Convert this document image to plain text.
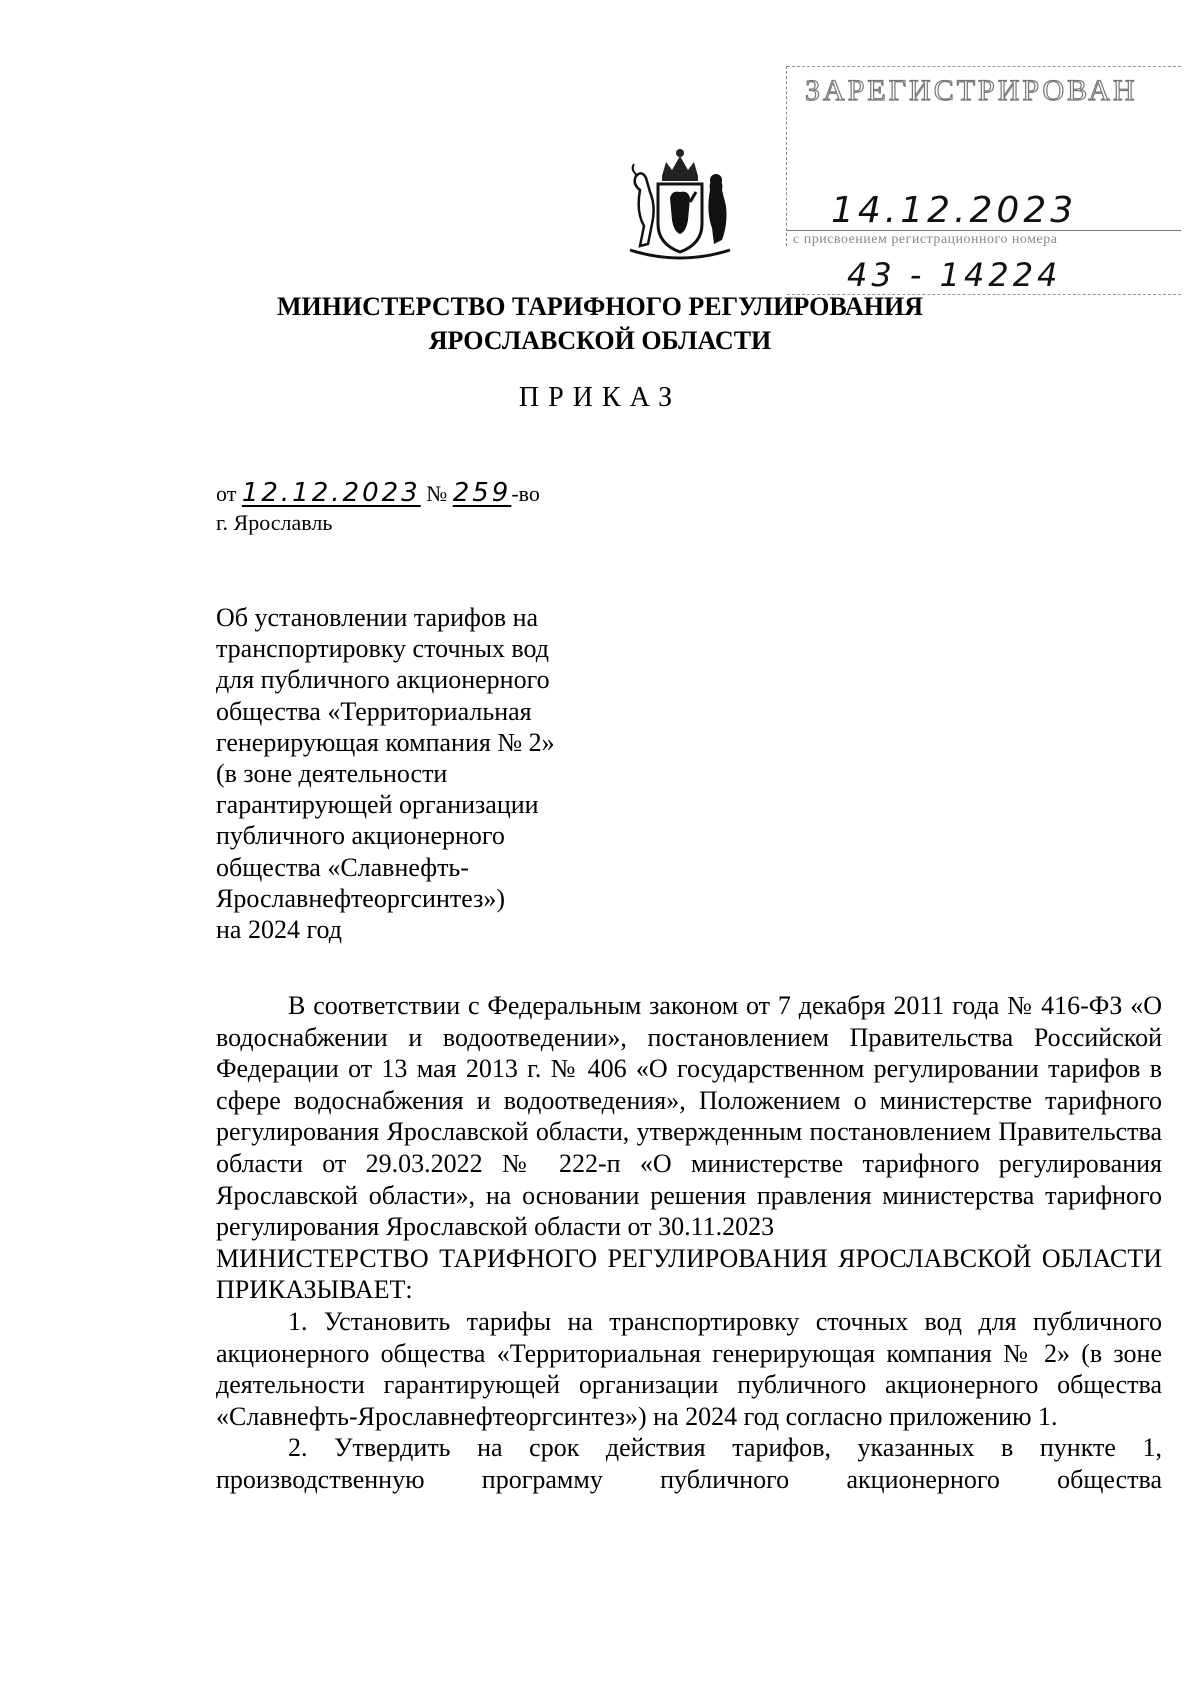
ЗАРЕГИСТРИРОВАН
14.12.2023
с присвоением регистрационного номера
43 - 14224
МИНИСТЕРСТВО ТАРИФНОГО РЕГУЛИРОВАНИЯ
ЯРОСЛАВСКОЙ ОБЛАСТИ
ПРИКАЗ
от 12.12.2023 № 259-во
г. Ярославль
Об установлении тарифов на
транспортировку сточных вод
для публичного акционерного
общества «Территориальная
генерирующая компания № 2»
(в зоне деятельности
гарантирующей организации
публичного акционерного
общества «Славнефть-
Ярославнефтеоргсинтез»)
на 2024 год

В соответствии с Федеральным законом от 7 декабря 2011 года № 416-ФЗ «О водоснабжении и водоотведении», постановлением Правительства Российской Федерации от 13 мая 2013 г. № 406 «О государственном регулировании тарифов в сфере водоснабжения и водоотведения», Положением о министерстве тарифного регулирования Ярославской области, утвержденным постановлением Правительства области от 29.03.2022 № 222-п «О министерстве тарифного регулирования Ярославской области», на основании решения правления министерства тарифного регулирования Ярославской области от 30.11.2023

МИНИСТЕРСТВО ТАРИФНОГО РЕГУЛИРОВАНИЯ ЯРОСЛАВСКОЙ ОБЛАСТИ ПРИКАЗЫВАЕТ:

1. Установить тарифы на транспортировку сточных вод для публичного акционерного общества «Территориальная генерирующая компания № 2» (в зоне деятельности гарантирующей организации публичного акционерного общества «Славнефть-Ярославнефтеоргсинтез») на 2024 год согласно приложению 1.

2. Утвердить на срок действия тарифов, указанных в пункте 1,

производственную программу публичного акционерного общества
